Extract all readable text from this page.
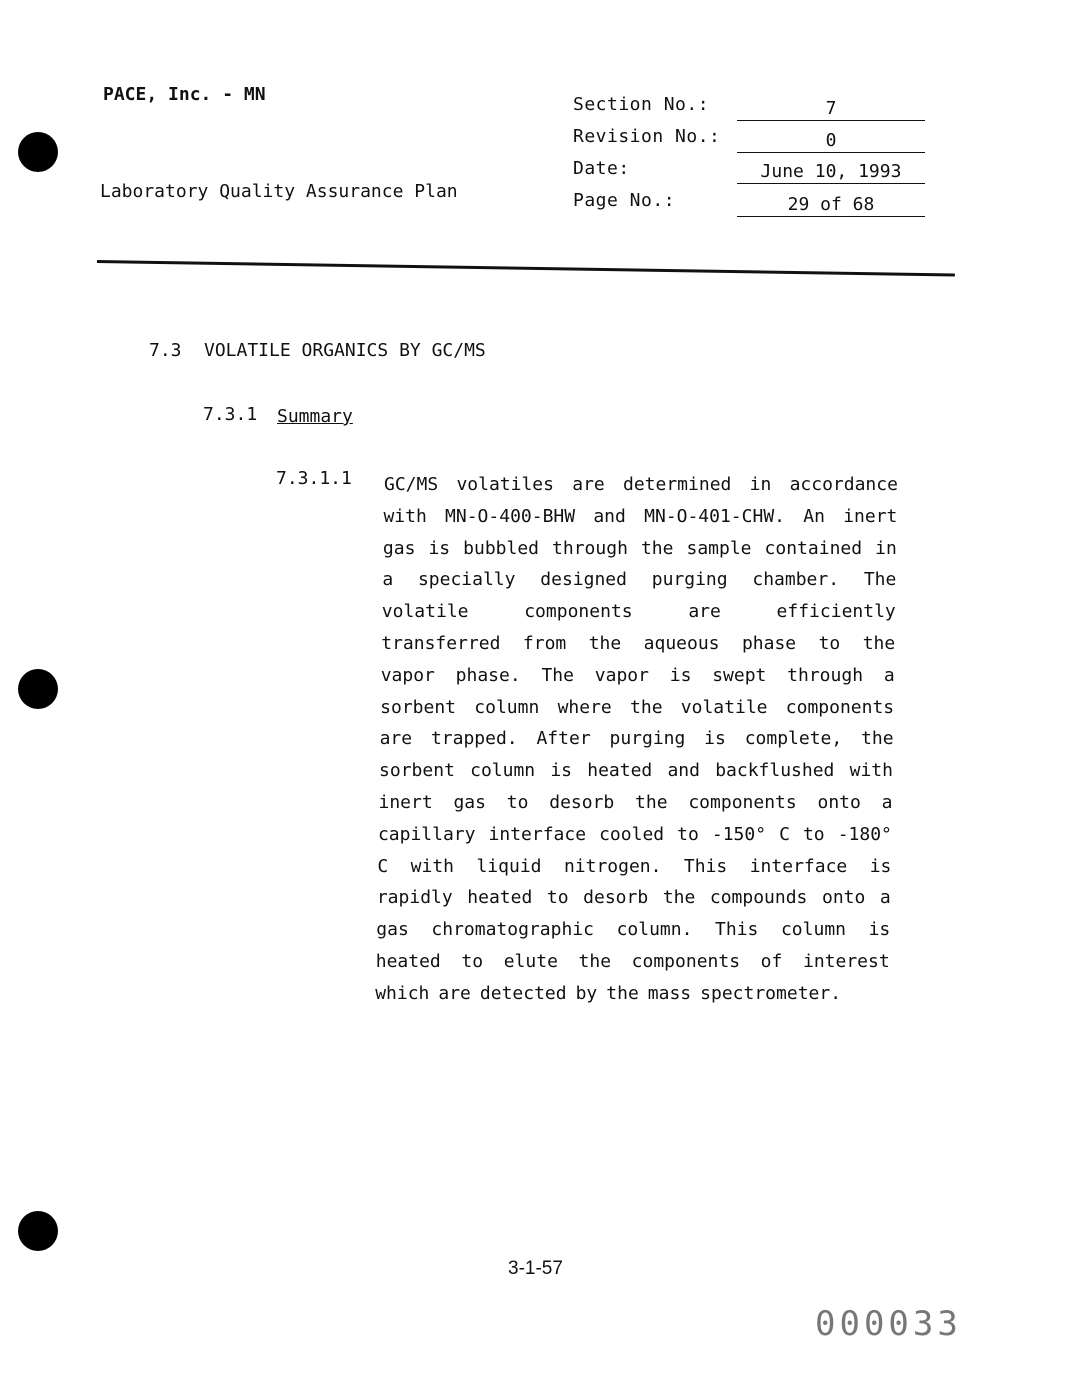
PACE, Inc. - MN
Laboratory Quality Assurance Plan
Section No.:	7
Revision No.:	0
Date:	June 10, 1993
Page No.:	29 of 68
7.3 VOLATILE ORGANICS BY GC/MS
7.3.1 Summary
7.3.1.1 GC/MS volatiles are determined in accordance
with MN-O-400-BHW and MN-O-401-CHW. An inert
gas is bubbled through the sample contained in
a specially designed purging chamber. The
volatile	components	are	efficiently
transferred from the aqueous phase to the
vapor phase. The vapor is swept through a
sorbent column where the volatile components
are trapped. After purging is complete, the
sorbent column is heated and backflushed with
inert gas to desorb the components onto a
capillary interface cooled to -150° C to -180°
C with liquid nitrogen. This interface is
rapidly heated to desorb the compounds onto a
gas chromatographic column. This column is
heated to elute the components of interest
which are detected by the mass spectrometer.
3-1-57
000033
